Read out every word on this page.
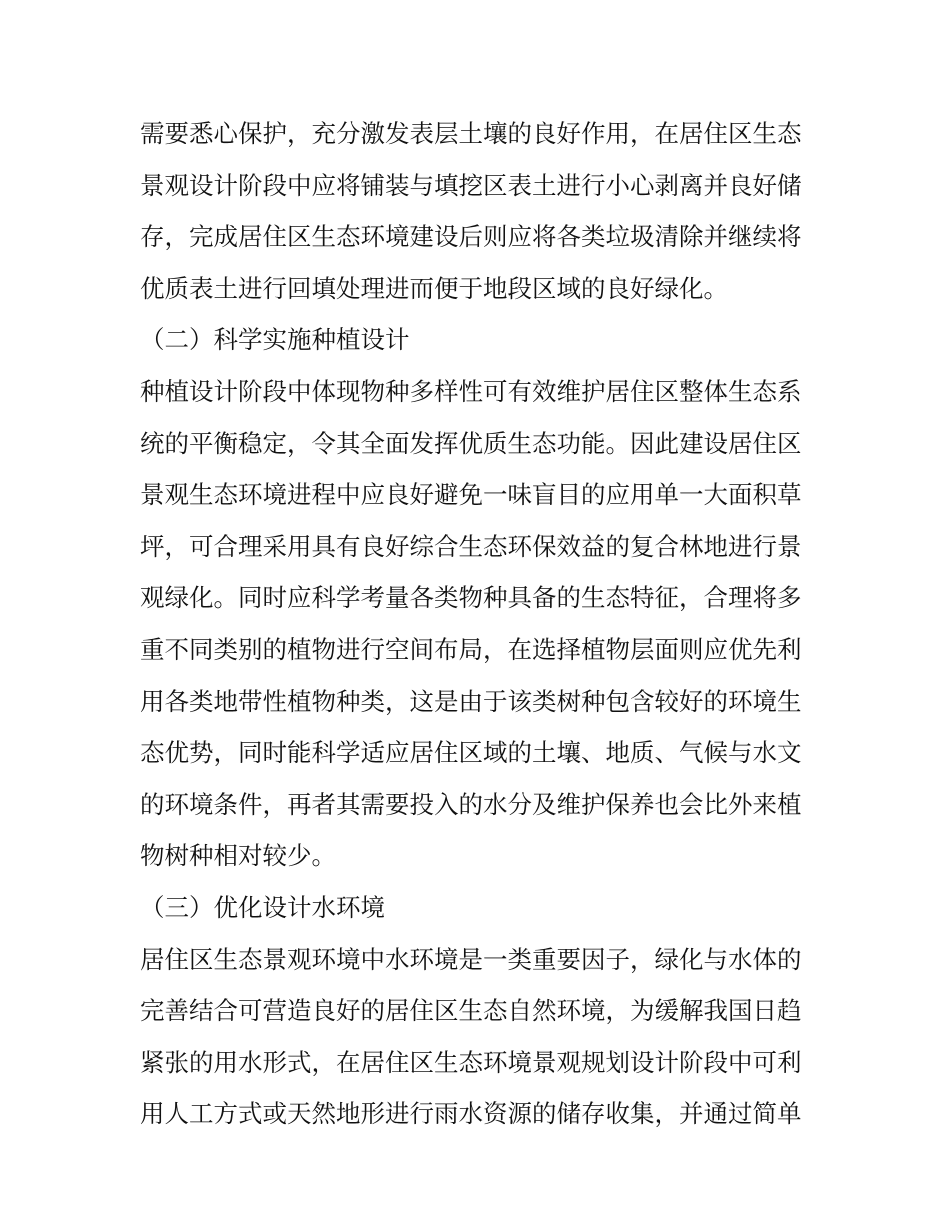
需要悉心保护，充分激发表层土壤的良好作用，在居住区生态
景观设计阶段中应将铺装与填挖区表土进行小心剥离并良好储
存，完成居住区生态环境建设后则应将各类垃圾清除并继续将
优质表土进行回填处理进而便于地段区域的良好绿化。
（二）科学实施种植设计
种植设计阶段中体现物种多样性可有效维护居住区整体生态系
统的平衡稳定，令其全面发挥优质生态功能。因此建设居住区
景观生态环境进程中应良好避免一味盲目的应用单一大面积草
坪，可合理采用具有良好综合生态环保效益的复合林地进行景
观绿化。同时应科学考量各类物种具备的生态特征，合理将多
重不同类别的植物进行空间布局，在选择植物层面则应优先利
用各类地带性植物种类，这是由于该类树种包含较好的环境生
态优势，同时能科学适应居住区域的土壤、地质、气候与水文
的环境条件，再者其需要投入的水分及维护保养也会比外来植
物树种相对较少。
（三）优化设计水环境
居住区生态景观环境中水环境是一类重要因子，绿化与水体的
完善结合可营造良好的居住区生态自然环境，为缓解我国日趋
紧张的用水形式，在居住区生态环境景观规划设计阶段中可利
用人工方式或天然地形进行雨水资源的储存收集，并通过简单
